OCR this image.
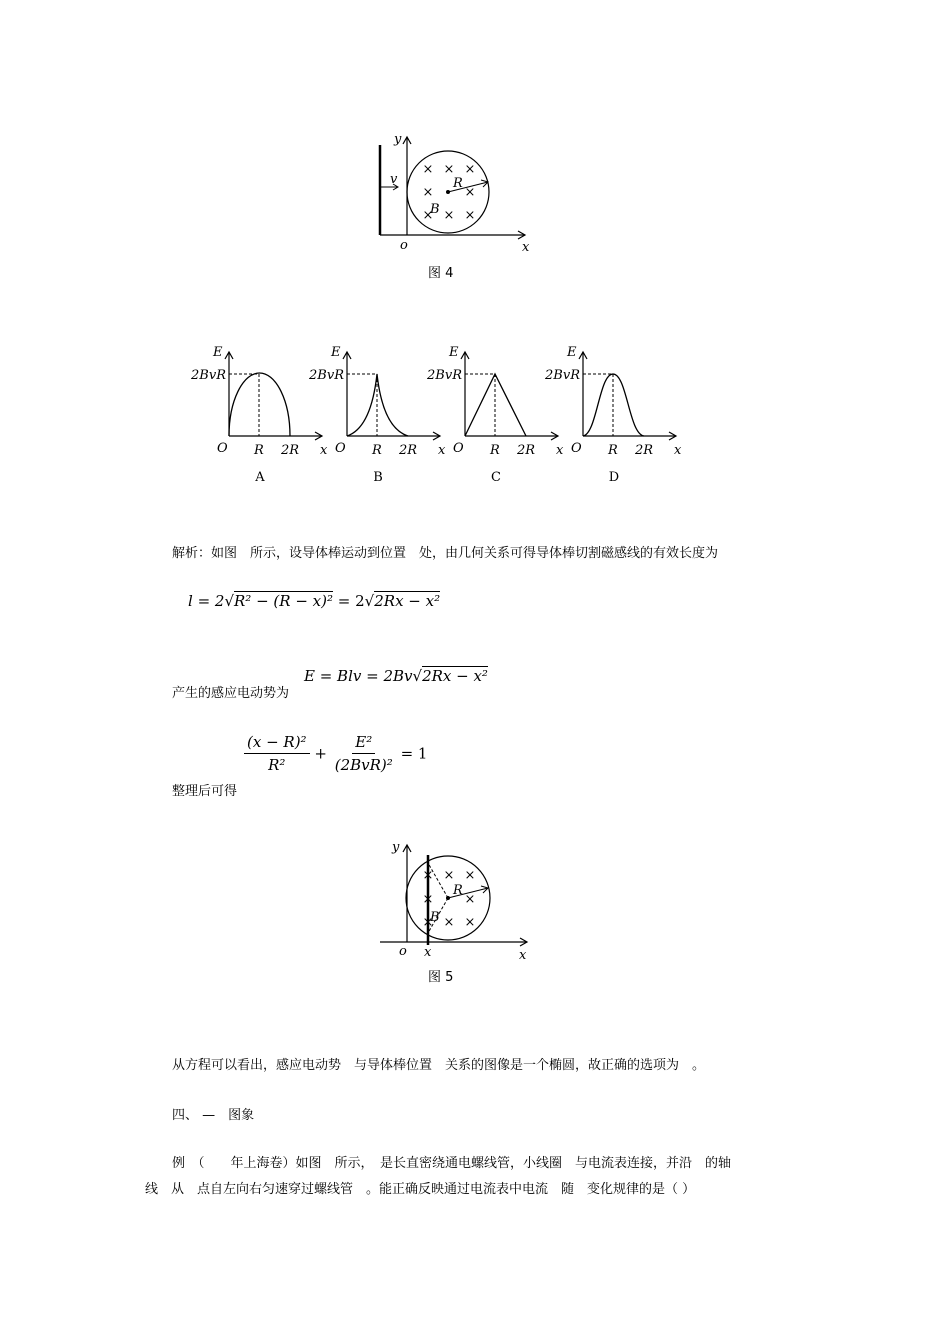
× × ×
× ×
× × ×
y
x
o
v	R
B
图 4
E
2BvR
O R 2R x
A
E
2BvR
O R 2R x
B
E
2BvR
O R 2R x
C
E
2BvR
O R 2R x
D
解析：如图　所示，设导体棒运动到位置　处，由几何关系可得导体棒切割磁感线的有效长度为
l = 2√R² − (R − x)² = 2√2Rx − x²
产生的感应电动势为
E = Blv = 2Bv√2Rx − x²
$\frac{\text{(x − R)²}}{\text{R²}} + \frac{\text{E²}}{\text{(2BvR)²}} = 1$
整理后可得
× × ×
× ×
× × ×
y
x
o x
R
B
图 5
从方程可以看出，感应电动势　与导体棒位置　关系的图像是一个椭圆，故正确的选项为　。
四、 —　图象
例　（　　年上海卷）如图　所示，　是长直密绕通电螺线管，小线圈　与电流表连接，并沿　的轴
线　从　点自左向右匀速穿过螺线管　。能正确反映通过电流表中电流　随　变化规律的是（ ）
